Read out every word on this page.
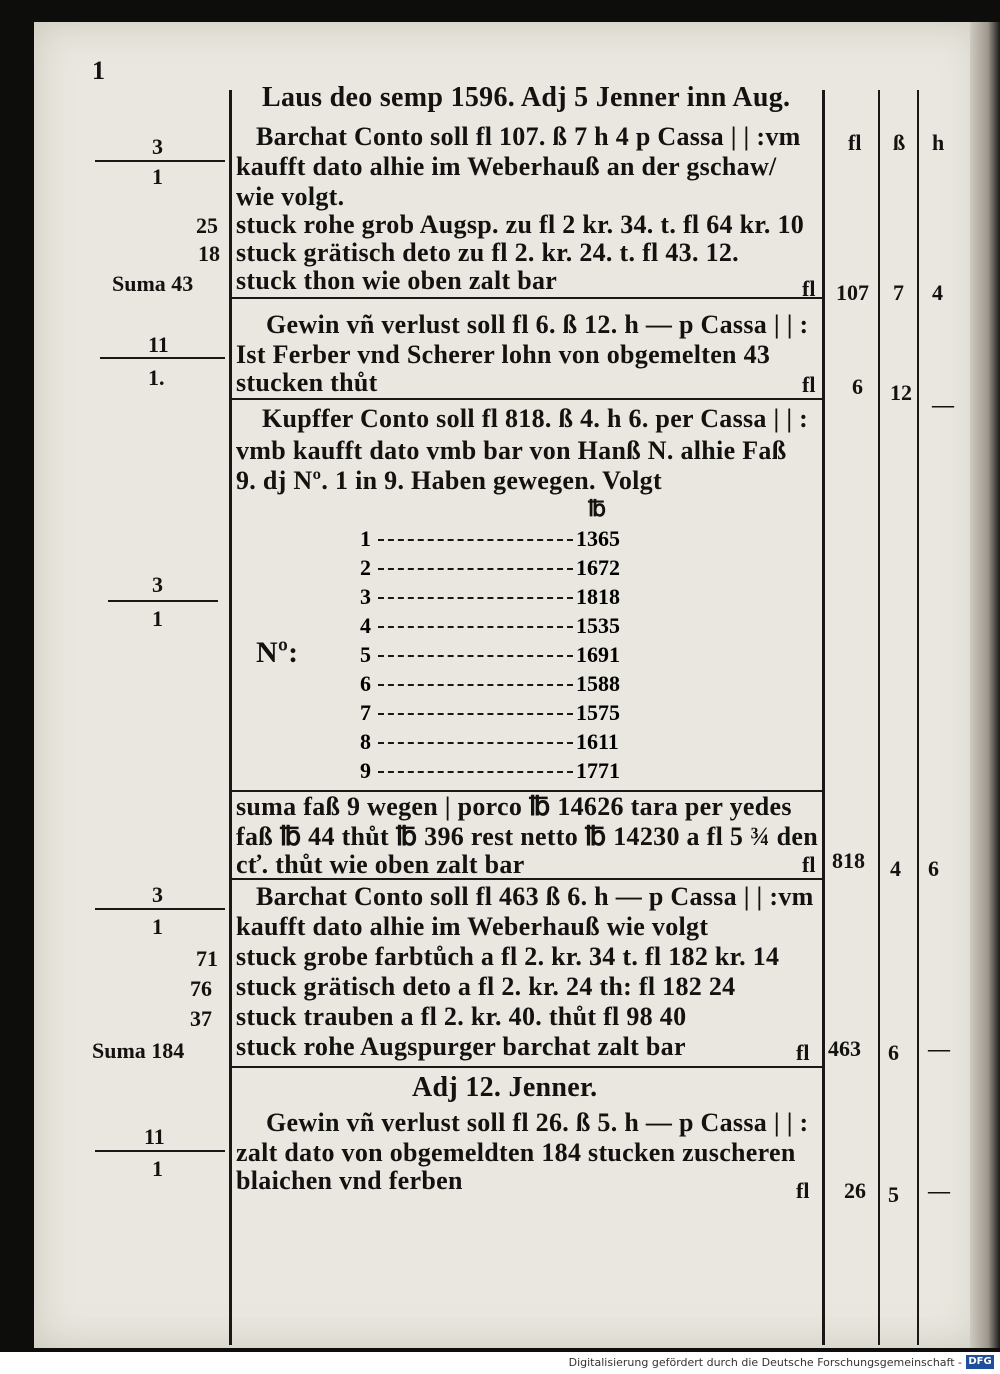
1
Laus deo semp 1596. Adj 5 Jenner inn Aug.
fl ß h
3
1
Barchat Conto soll fl 107. ß 7 h 4 p Cassa | | :vm
kaufft dato alhie im Weberhauß an der gschaw/
wie volgt.
25 stuck rohe grob Augsp. zu fl 2 kr. 34. t. fl 64 kr. 10
18 stuck grätisch deto zu fl 2. kr. 24. t. fl 43. 12.
Suma 43 stuck thon wie oben zalt bar	fl 107 7 4
11
1.
Gewin vñ verlust soll fl 6. ß 12. h — p Cassa | | :
Ist Ferber vnd Scherer lohn von obgemelten 43
stucken thůt	fl 6 12 —
Kupffer Conto soll fl 818. ß 4. h 6. per Cassa | | :
vmb kaufft dato vmb bar von Hanß N. alhie Faß
9. dj Nº. 1 in 9. Haben gewegen. Volgt
℔
3
1
Nº:
1	1365
2	1672
3	1818
4	1535
5	1691
6	1588
7	1575
8	1611
9	1771
suma faß 9 wegen | porco ℔ 14626 tara per yedes
faß ℔ 44 thůt ℔ 396 rest netto ℔ 14230 a fl 5 ¾ den
cť. thůt wie oben zalt bar	fl 818 4 6
3
1
Barchat Conto soll fl 463 ß 6. h — p Cassa | | :vm
kaufft dato alhie im Weberhauß wie volgt
71 stuck grobe farbtůch a fl 2. kr. 34 t. fl 182 kr. 14
76 stuck grätisch deto a fl 2. kr. 24 th: fl 182 24
37 stuck trauben a fl 2. kr. 40. thůt fl 98 40
Suma 184 stuck rohe Augspurger barchat zalt bar	fl 463 6 —
Adj 12. Jenner.
11
1
Gewin vñ verlust soll fl 26. ß 5. h — p Cassa | | :
zalt dato von obgemeldten 184 stucken zuscheren
blaichen vnd ferben	fl 26 5 —
Digitalisierung gefördert durch die Deutsche Forschungsgemeinschaft - DFG
